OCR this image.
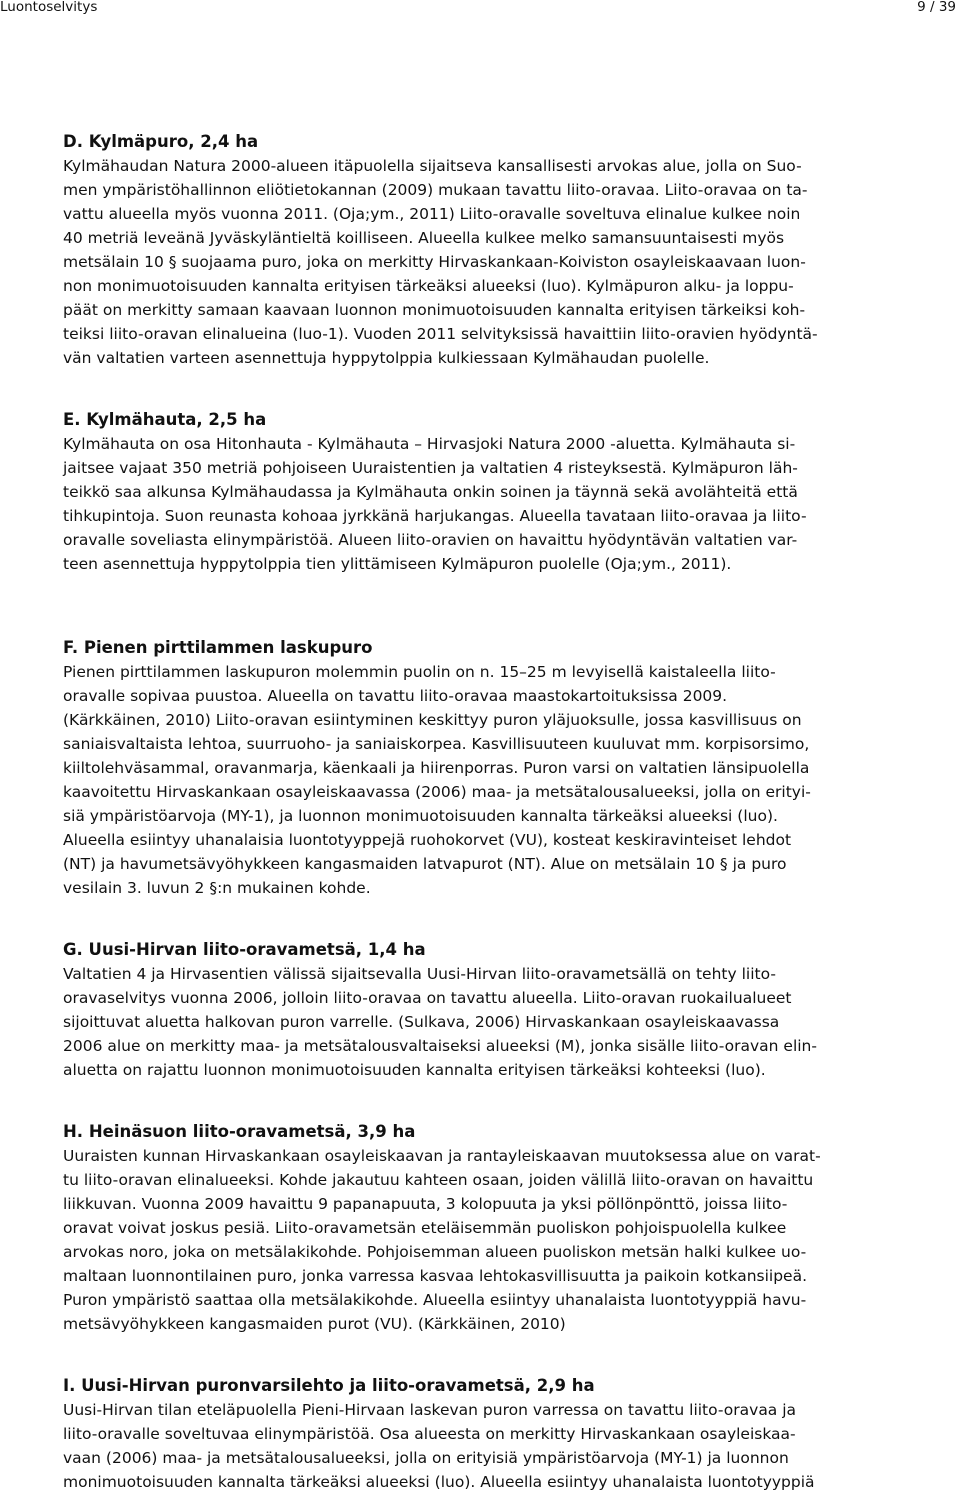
Luontoselvitys	9 / 39
D. Kylmäpuro, 2,4 ha
Kylmähaudan Natura 2000-alueen itäpuolella sijaitseva kansallisesti arvokas alue, jolla on Suo-
men ympäristöhallinnon eliötietokannan (2009) mukaan tavattu liito-oravaa. Liito-oravaa on ta-
vattu alueella myös vuonna 2011. (Oja;ym., 2011) Liito-oravalle soveltuva elinalue kulkee noin
40 metriä leveänä Jyväskyläntieltä koilliseen. Alueella kulkee melko samansuuntaisesti myös
metsälain 10 § suojaama puro, joka on merkitty Hirvaskankaan-Koiviston osayleiskaavaan luon-
non monimuotoisuuden kannalta erityisen tärkeäksi alueeksi (luo). Kylmäpuron alku- ja loppu-
päät on merkitty samaan kaavaan luonnon monimuotoisuuden kannalta erityisen tärkeiksi koh-
teiksi liito-oravan elinalueina (luo-1). Vuoden 2011 selvityksissä havaittiin liito-oravien hyödyntä-
vän valtatien varteen asennettuja hyppytolppia kulkiessaan Kylmähaudan puolelle.
E. Kylmähauta, 2,5 ha
Kylmähauta on osa Hitonhauta - Kylmähauta – Hirvasjoki Natura 2000 -aluetta. Kylmähauta si-
jaitsee vajaat 350 metriä pohjoiseen Uuraistentien ja valtatien 4 risteyksestä. Kylmäpuron läh-
teikkö saa alkunsa Kylmähaudassa ja Kylmähauta onkin soinen ja täynnä sekä avolähteitä että
tihkupintoja. Suon reunasta kohoaa jyrkkänä harjukangas. Alueella tavataan liito-oravaa ja liito-
oravalle soveliasta elinympäristöä. Alueen liito-oravien on havaittu hyödyntävän valtatien var-
teen asennettuja hyppytolppia tien ylittämiseen Kylmäpuron puolelle (Oja;ym., 2011).
F. Pienen pirttilammen laskupuro
Pienen pirttilammen laskupuron molemmin puolin on n. 15–25 m levyisellä kaistaleella liito-
oravalle sopivaa puustoa. Alueella on tavattu liito-oravaa maastokartoituksissa 2009.
(Kärkkäinen, 2010) Liito-oravan esiintyminen keskittyy puron yläjuoksulle, jossa kasvillisuus on
saniaisvaltaista lehtoa, suurruoho- ja saniaiskorpea. Kasvillisuuteen kuuluvat mm. korpisorsimo,
kiiltolehväsammal, oravanmarja, käenkaali ja hiirenporras. Puron varsi on valtatien länsipuolella
kaavoitettu Hirvaskankaan osayleiskaavassa (2006) maa- ja metsätalousalueeksi, jolla on erityi-
siä ympäristöarvoja (MY-1), ja luonnon monimuotoisuuden kannalta tärkeäksi alueeksi (luo).
Alueella esiintyy uhanalaisia luontotyyppejä ruohokorvet (VU), kosteat keskiravinteiset lehdot
(NT) ja havumetsävyöhykkeen kangasmaiden latvapurot (NT). Alue on metsälain 10 § ja puro
vesilain 3. luvun 2 §:n mukainen kohde.
G. Uusi-Hirvan liito-oravametsä, 1,4 ha
Valtatien 4 ja Hirvasentien välissä sijaitsevalla Uusi-Hirvan liito-oravametsällä on tehty liito-
oravaselvitys vuonna 2006, jolloin liito-oravaa on tavattu alueella. Liito-oravan ruokailualueet
sijoittuvat aluetta halkovan puron varrelle. (Sulkava, 2006) Hirvaskankaan osayleiskaavassa
2006 alue on merkitty maa- ja metsätalousvaltaiseksi alueeksi (M), jonka sisälle liito-oravan elin-
aluetta on rajattu luonnon monimuotoisuuden kannalta erityisen tärkeäksi kohteeksi (luo).
H. Heinäsuon liito-oravametsä, 3,9 ha
Uuraisten kunnan Hirvaskankaan osayleiskaavan ja rantayleiskaavan muutoksessa alue on varat-
tu liito-oravan elinalueeksi. Kohde jakautuu kahteen osaan, joiden välillä liito-oravan on havaittu
liikkuvan. Vuonna 2009 havaittu 9 papanapuuta, 3 kolopuuta ja yksi pöllönpönttö, joissa liito-
oravat voivat joskus pesiä. Liito-oravametsän eteläisemmän puoliskon pohjoispuolella kulkee
arvokas noro, joka on metsälakikohde. Pohjoisemman alueen puoliskon metsän halki kulkee uo-
maltaan luonnontilainen puro, jonka varressa kasvaa lehtokasvillisuutta ja paikoin kotkansiipeä.
Puron ympäristö saattaa olla metsälakikohde. Alueella esiintyy uhanalaista luontotyyppiä havu-
metsävyöhykkeen kangasmaiden purot (VU). (Kärkkäinen, 2010)
I. Uusi-Hirvan puronvarsilehto ja liito-oravametsä, 2,9 ha
Uusi-Hirvan tilan eteläpuolella Pieni-Hirvaan laskevan puron varressa on tavattu liito-oravaa ja
liito-oravalle soveltuvaa elinympäristöä. Osa alueesta on merkitty Hirvaskankaan osayleiskaa-
vaan (2006) maa- ja metsätalousalueeksi, jolla on erityisiä ympäristöarvoja (MY-1) ja luonnon
monimuotoisuuden kannalta tärkeäksi alueeksi (luo). Alueella esiintyy uhanalaista luontotyyppiä
